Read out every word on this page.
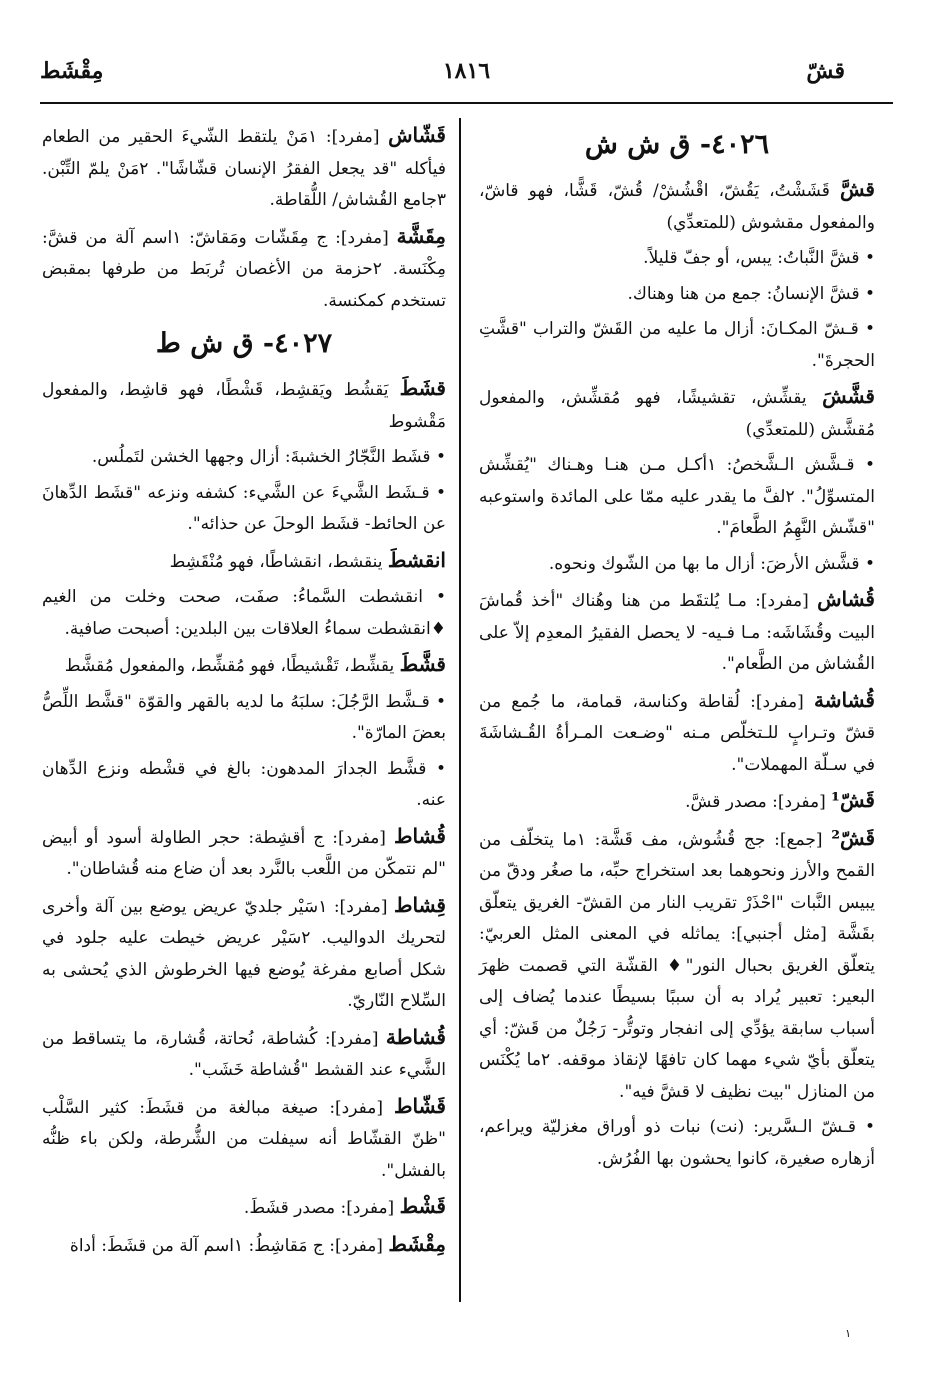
قشّ
١٨١٦
مِقْشَط
٤٠٢٦- ق ش ش
قشَّ قَشَشْتُ، يَقُشّ، اقْشُشْ/ قُشّ، قَشًّا، فهو قاشّ، والمفعول مقشوش (للمتعدِّي)
• قشَّ النَّباتُ: يبس، أو جفّ قليلاً.
• قشَّ الإنسانُ: جمع من هنا وهناك.
• قـشّ المكـانَ: أزال ما عليه من القَشّ والتراب "قشَّتِ الحجرةَ".
قشَّشَ يقشِّش، تقشيشًا، فهو مُقشِّش، والمفعول مُقشَّش (للمتعدِّي)
• قـشَّش الـشَّخصُ: ١أكـل مـن هنـا وهـناك "يُقشِّش المتسوِّلُ". ٢لفَّ ما يقدر عليه ممّا على المائدة واستوعبه "قشّش النَّهِمُ الطَّعامَ".
• قشَّش الأرضَ: أزال ما بها من الشّوك ونحوه.
قُشاش [مفرد]: مـا يُلتقَط من هنا وهُناك "أخذ قُماشَ البيت وقُشَاشَه: مـا فـيه- لا يحصل الفقيرُ المعدِم إلاّ على القُشاش من الطَّعام".
قُشاشة [مفرد]: لُقاطة وكناسة، قمامة، ما جُمع من قشّ وتـرابٍ للـتخلّص مـنه "وضـعت المـرأةُ القُـشاشَةَ في سـلّة المهملات".
قَشّ¹ [مفرد]: مصدر قشَّ.
قَشّ² [جمع]: جج قُشُوش، مف قَشَّة: ١ما يتخلّف من القمح والأرز ونحوهما بعد استخراج حبِّه، ما صغُر ودقّ من يبيس النَّبات "احْذَرْ تقريب النار من القشّ- الغريق يتعلّق بقَشَّة [مثل أجنبي]: يماثله في المعنى المثل العربيّ: يتعلّق الغريق بحبال النور"♦ القشّة التي قصمت ظهرَ البعير: تعبير يُراد به أن سببًا بسيطًا عندما يُضاف إلى أسباب سابقة يؤدِّي إلى انفجار وتوتُّر- رَجُلٌ من قَشّ: أي يتعلّق بأيّ شيء مهما كان تافهًا لإنقاذ موقفه. ٢ما يُكْنَس من المنازل "بيت نظيف لا قشَّ فيه".
• قـشّ الـسَّرير: (نت) نبات ذو أوراق مغزليّة ويراعم، أزهاره صغيرة، كانوا يحشون بها الفُرُش.
قَشّاش [مفرد]: ١مَنْ يلتقط الشّيءَ الحقير من الطعام فيأكله "قد يجعل الفقرُ الإنسان قشّاشًا". ٢مَنْ يلمّ التِّبْن. ٣جامع القُشاش/ اللُّقاطة.
مِقَشَّة [مفرد]: ج مِقَشّات ومَقاشّ: ١اسم آلة من قشَّ: مِكْنَسة. ٢حزمة من الأغصان تُربَط من طرفها بمقبض تستخدم كمكنسة.
٤٠٢٧- ق ش ط
قشَطَ يَقشُط ويَقشِط، قَشْطًا، فهو قاشِط، والمفعول مَقْشوط
• قشَط النَّجّارُ الخشبةَ: أزال وجهها الخشن لتَملُس.
• قـشَط الشَّيءَ عن الشَّيء: كشفه ونزعه "قشَط الدِّهانَ عن الحائط- قشَط الوحلَ عن حذائه".
انقشطَ ينقشط، انقشاطًا، فهو مُنْقَشِط
• انقشطت السَّماءُ: صفَت، صحت وخلت من الغيم ♦انقشطت سماءُ العلاقات بين البلدين: أصبحت صافية.
قشَّطَ يقشِّط، تَقْشيطًا، فهو مُقشِّط، والمفعول مُقشَّط
• قـشَّط الرَّجُلَ: سلبَهُ ما لديه بالقهر والقوّة "قشَّط اللِّصُّ بعضَ المارّة".
• قشَّط الجدارَ المدهون: بالغ في قشْطه ونزع الدِّهان عنه.
قُشاط [مفرد]: ج أقشِطة: حجر الطاولة أسود أو أبيض "لم نتمكّن من اللَّعب بالنَّرد بعد أن ضاع منه قُشاطان".
قِشاط [مفرد]: ١سَيْر جلديّ عريض يوضع بين آلة وأخرى لتحريك الدواليب. ٢سَيْر عريض خيطت عليه جلود في شكل أصابع مفرغة يُوضع فيها الخرطوش الذي يُحشى به السِّلاح النّاريّ.
قُشاطة [مفرد]: كُشاطة، نُحاتة، قُشارة، ما يتساقط من الشَّيء عند القشط "قُشاطة خَشَب".
قَشّاط [مفرد]: صيغة مبالغة من قشَطَ: كثير السَّلْب "ظنّ القشّاط أنه سيفلت من الشُّرطة، ولكن باء ظنُّه بالفشل".
قَشْط [مفرد]: مصدر قشَطَ.
مِقْشَط [مفرد]: ج مَقاشِطُ: ١اسم آلة من قشَطَ: أداة
١
